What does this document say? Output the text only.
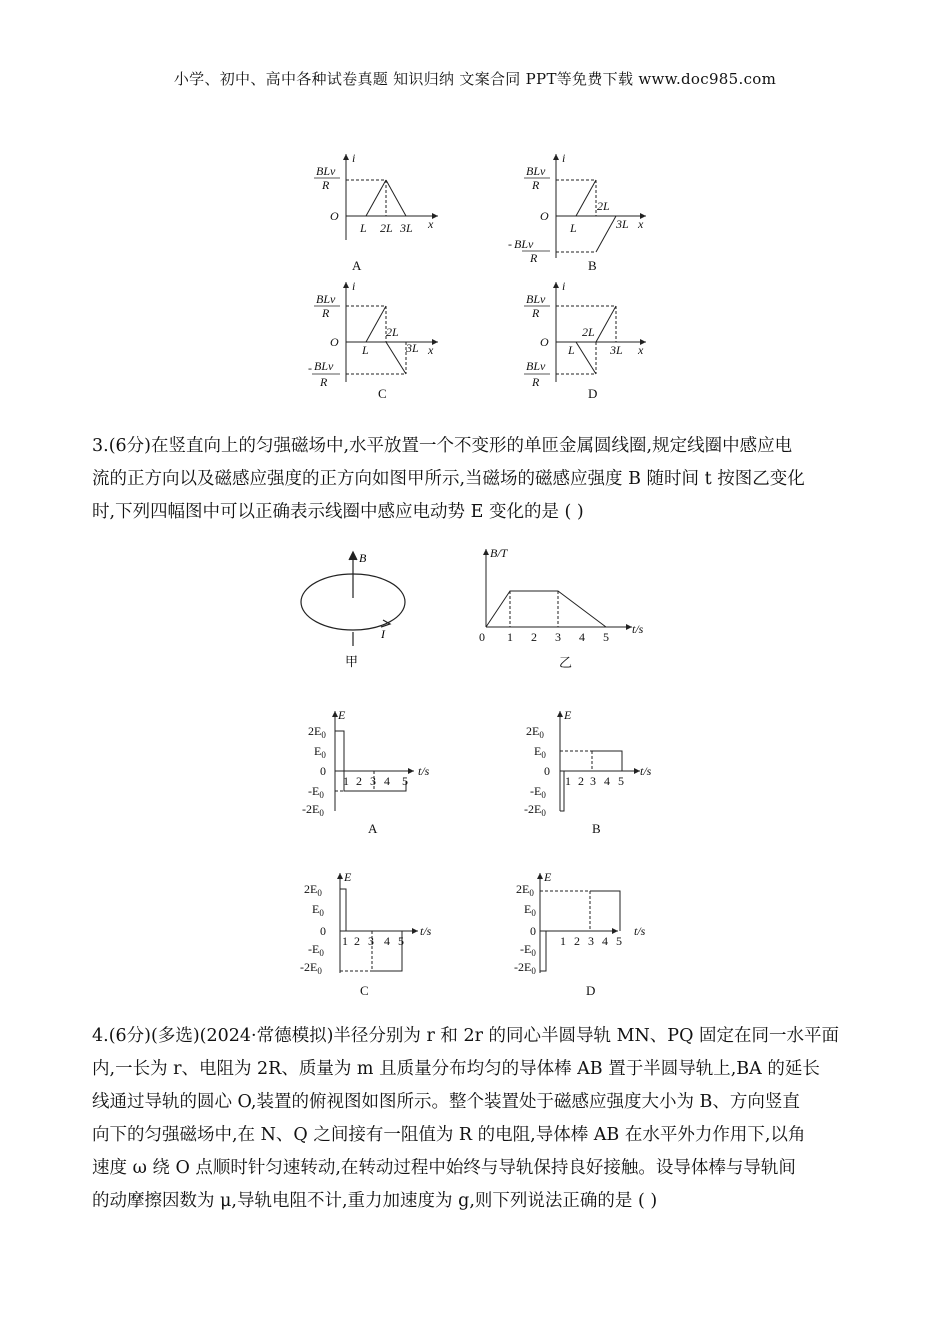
小学、初中、高中各种试卷真题 知识归纳 文案合同 PPT等免费下载 www.doc985.com
i
BLv
R
O
L 2L 3L x
A
i
BLv
R
O
L
2L
3L x
BLv
-
R	B
i
BLv
R
O
L
2L
3L x
BLv
-
R
C
i
BLv
R
O
L
2L
3L x
BLv
R
D

3.(6分)在竖直向上的匀强磁场中,水平放置一个不变形的单匝金属圆线圈,规定线圈中感应电

流的正方向以及磁感应强度的正方向如图甲所示,当磁场的磁感应强度 B 随时间 t 按图乙变化

时,下列四幅图中可以正确表示线圈中感应电动势 E 变化的是 ( )

B
I
甲
B/T
t/s
0 1 2 3 4 5
乙
E
$2E_0$
$E_0$
0
$-E_0$
$-2E_0$
1 2 3 4 5
t/s
A
E
$2E_0$
$E_0$
0
$-E_0$
$-2E_0$
1 2 3 4 5
t/s
B
E
$2E_0$
$E_0$
0
$-E_0$
$-2E_0$
1 2 3 4 5
t/s
C
E
$2E_0$
$E_0$
0
$-E_0$
$-2E_0$
1 2 3 4 5
t/s
D

4.(6分)(多选)(2024·常德模拟)半径分别为 r 和 2r 的同心半圆导轨 MN、PQ 固定在同一水平面

内,一长为 r、电阻为 2R、质量为 m 且质量分布均匀的导体棒 AB 置于半圆导轨上,BA 的延长

线通过导轨的圆心 O,装置的俯视图如图所示。整个装置处于磁感应强度大小为 B、方向竖直

向下的匀强磁场中,在 N、Q 之间接有一阻值为 R 的电阻,导体棒 AB 在水平外力作用下,以角

速度 ω 绕 O 点顺时针匀速转动,在转动过程中始终与导轨保持良好接触。设导体棒与导轨间

的动摩擦因数为 μ,导轨电阻不计,重力加速度为 g,则下列说法正确的是 ( )
